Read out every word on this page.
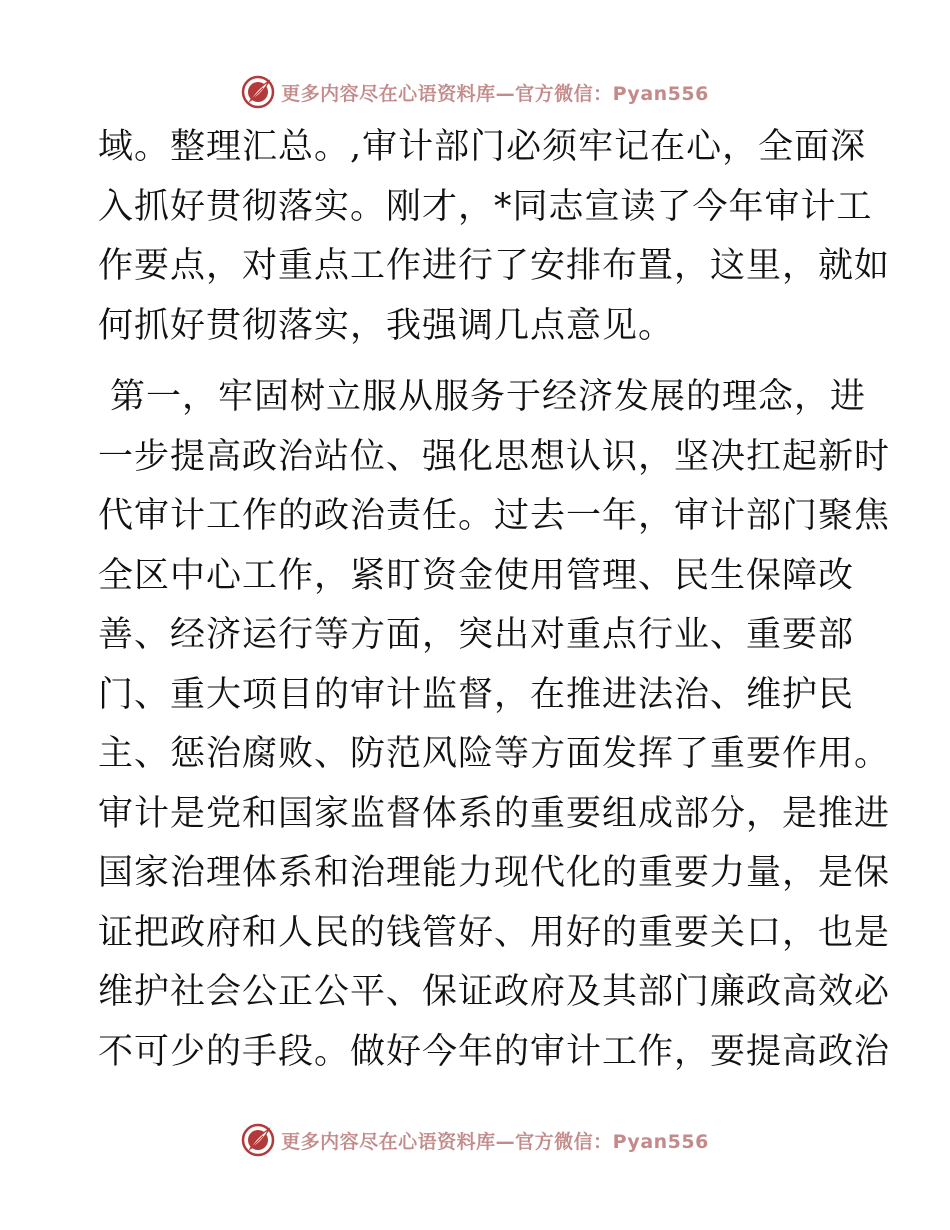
更多内容尽在心语资料库—官方微信：Pyan556
域。整理汇总。,审计部门必须牢记在心，全面深
入抓好贯彻落实。刚才，*同志宣读了今年审计工
作要点，对重点工作进行了安排布置，这里，就如
何抓好贯彻落实，我强调几点意见。
第一，牢固树立服从服务于经济发展的理念，进
一步提高政治站位、强化思想认识，坚决扛起新时
代审计工作的政治责任。过去一年，审计部门聚焦
全区中心工作，紧盯资金使用管理、民生保障改
善、经济运行等方面，突出对重点行业、重要部
门、重大项目的审计监督，在推进法治、维护民
主、惩治腐败、防范风险等方面发挥了重要作用。
审计是党和国家监督体系的重要组成部分，是推进
国家治理体系和治理能力现代化的重要力量，是保
证把政府和人民的钱管好、用好的重要关口，也是
维护社会公正公平、保证政府及其部门廉政高效必
不可少的手段。做好今年的审计工作，要提高政治
更多内容尽在心语资料库—官方微信：Pyan556
